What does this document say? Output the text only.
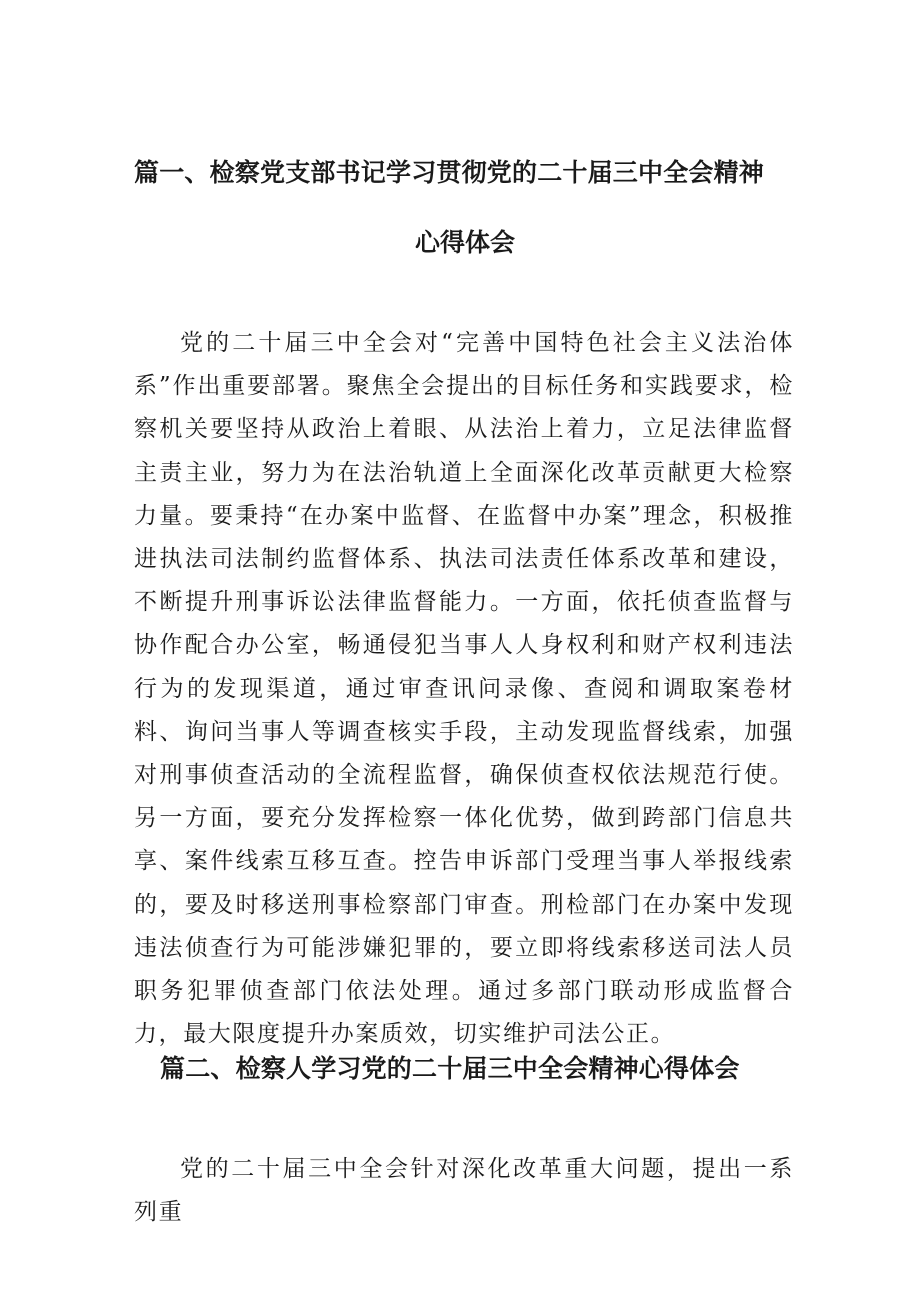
篇一、检察党支部书记学习贯彻党的二十届三中全会精神
心得体会

党的二十届三中全会对“完善中国特色社会主义法治体系”作出重要部署。聚焦全会提出的目标任务和实践要求，检察机关要坚持从政治上着眼、从法治上着力，立足法律监督主责主业，努力为在法治轨道上全面深化改革贡献更大检察力量。要秉持“在办案中监督、在监督中办案”理念，积极推进执法司法制约监督体系、执法司法责任体系改革和建设，不断提升刑事诉讼法律监督能力。一方面，依托侦查监督与协作配合办公室，畅通侵犯当事人人身权利和财产权利违法行为的发现渠道，通过审查讯问录像、查阅和调取案卷材料、询问当事人等调查核实手段，主动发现监督线索，加强对刑事侦查活动的全流程监督，确保侦查权依法规范行使。另一方面，要充分发挥检察一体化优势，做到跨部门信息共享、案件线索互移互查。控告申诉部门受理当事人举报线索的，要及时移送刑事检察部门审查。刑检部门在办案中发现违法侦查行为可能涉嫌犯罪的，要立即将线索移送司法人员职务犯罪侦查部门依法处理。通过多部门联动形成监督合力，最大限度提升办案质效，切实维护司法公正。

篇二、检察人学习党的二十届三中全会精神心得体会

党的二十届三中全会针对深化改革重大问题，提出一系列重
